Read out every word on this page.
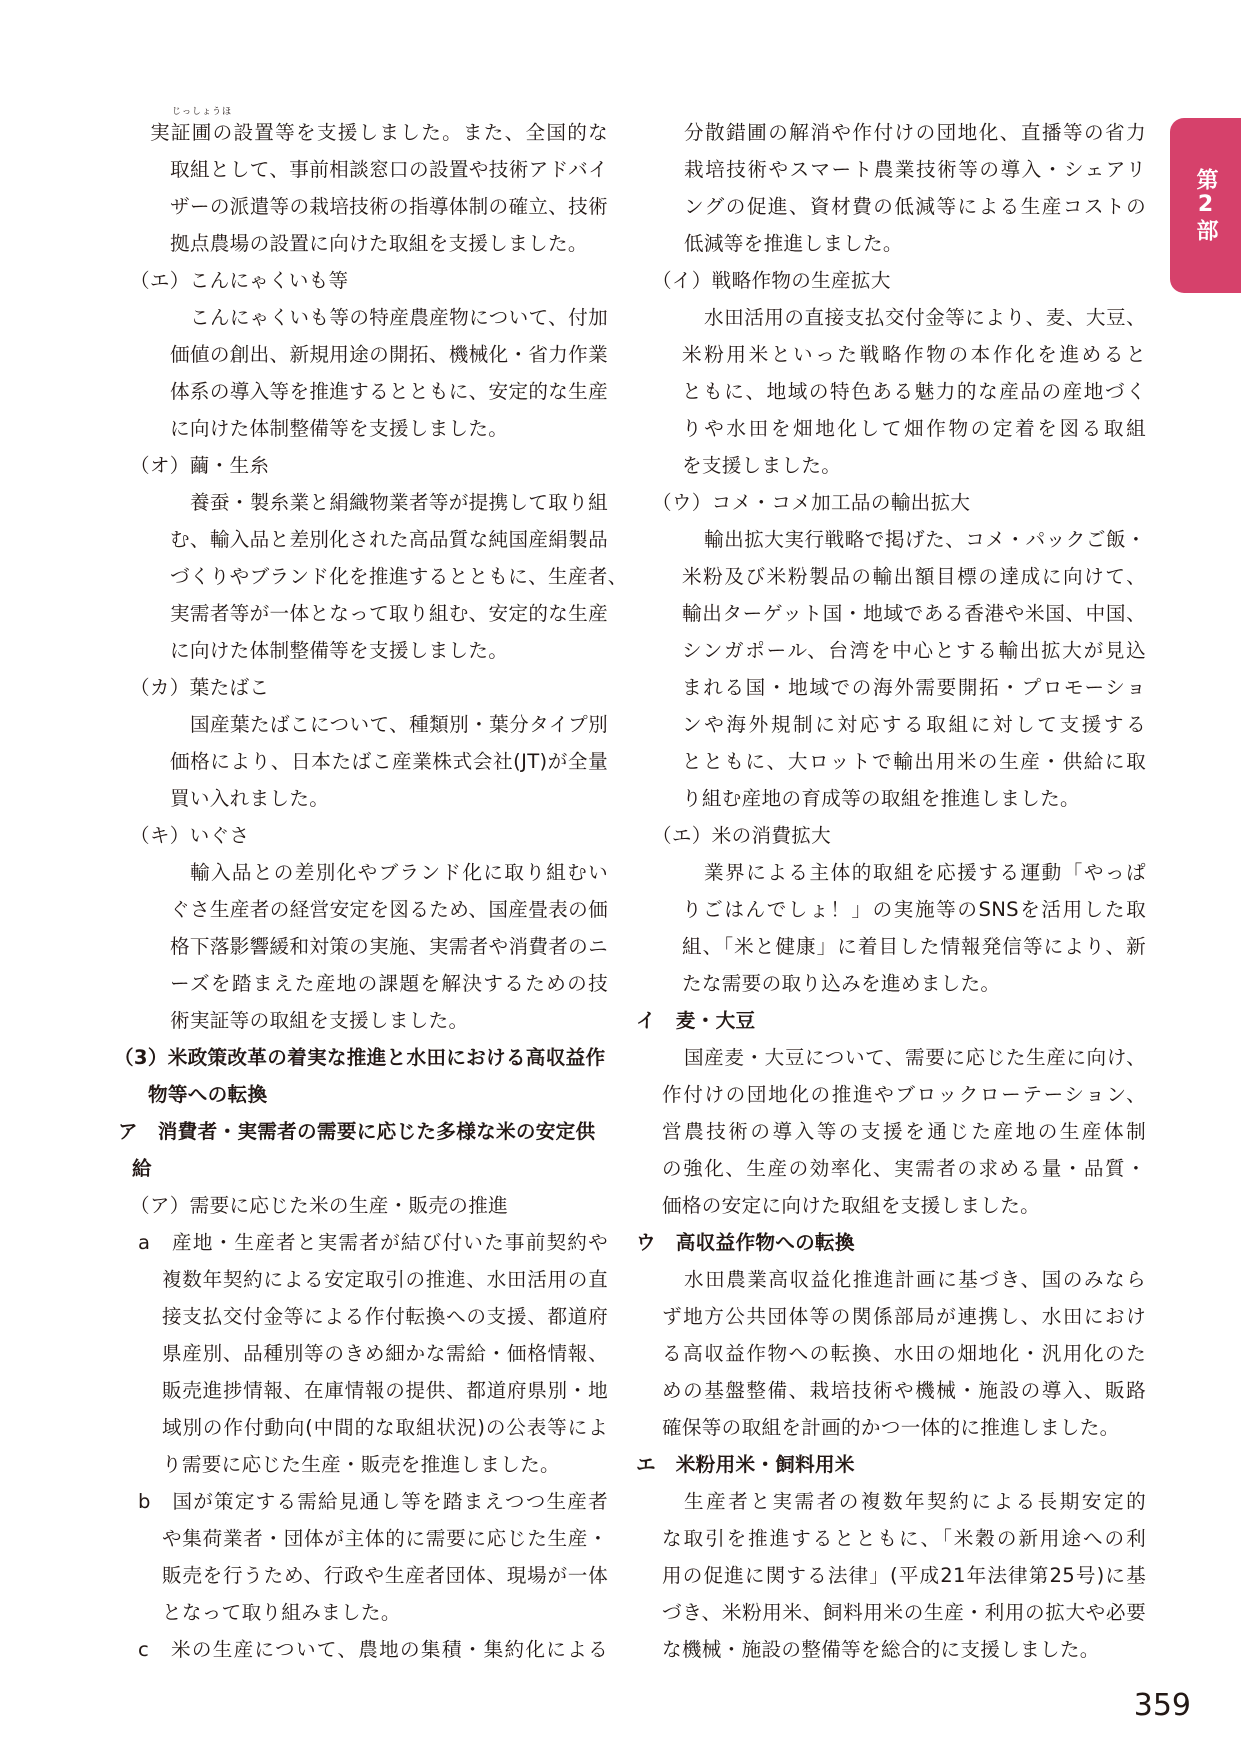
実証圃の設置等を支援しました。また、全国的な
取組として、事前相談窓口の設置や技術アドバイ
ザーの派遣等の栽培技術の指導体制の確立、技術
拠点農場の設置に向けた取組を支援しました。
（エ）こんにゃくいも等
こんにゃくいも等の特産農産物について、付加
価値の創出、新規用途の開拓、機械化・省力作業
体系の導入等を推進するとともに、安定的な生産
に向けた体制整備等を支援しました。
（オ）繭・生糸
養蚕・製糸業と絹織物業者等が提携して取り組
む、輸入品と差別化された高品質な純国産絹製品
づくりやブランド化を推進するとともに、生産者、
実需者等が一体となって取り組む、安定的な生産
に向けた体制整備等を支援しました。
（カ）葉たばこ
国産葉たばこについて、種類別・葉分タイプ別
価格により、日本たばこ産業株式会社(JT)が全量
買い入れました。
（キ）いぐさ
輸入品との差別化やブランド化に取り組むい
ぐさ生産者の経営安定を図るため、国産畳表の価
格下落影響緩和対策の実施、実需者や消費者のニ
ーズを踏まえた産地の課題を解決するための技
術実証等の取組を支援しました。
（3）米政策改革の着実な推進と水田における高収益作
物等への転換
ア　消費者・実需者の需要に応じた多様な米の安定供
給
（ア）需要に応じた米の生産・販売の推進
a　産地・生産者と実需者が結び付いた事前契約や
複数年契約による安定取引の推進、水田活用の直
接支払交付金等による作付転換への支援、都道府
県産別、品種別等のきめ細かな需給・価格情報、
販売進捗情報、在庫情報の提供、都道府県別・地
域別の作付動向(中間的な取組状況)の公表等によ
り需要に応じた生産・販売を推進しました。
b　国が策定する需給見通し等を踏まえつつ生産者
や集荷業者・団体が主体的に需要に応じた生産・
販売を行うため、行政や生産者団体、現場が一体
となって取り組みました。
c　米の生産について、農地の集積・集約化による
分散錯圃の解消や作付けの団地化、直播等の省力
栽培技術やスマート農業技術等の導入・シェアリ
ングの促進、資材費の低減等による生産コストの
低減等を推進しました。
（イ）戦略作物の生産拡大
水田活用の直接支払交付金等により、麦、大豆、
米粉用米といった戦略作物の本作化を進めると
ともに、地域の特色ある魅力的な産品の産地づく
りや水田を畑地化して畑作物の定着を図る取組
を支援しました。
（ウ）コメ・コメ加工品の輸出拡大
輸出拡大実行戦略で掲げた、コメ・パックご飯・
米粉及び米粉製品の輸出額目標の達成に向けて、
輸出ターゲット国・地域である香港や米国、中国、
シンガポール、台湾を中心とする輸出拡大が見込
まれる国・地域での海外需要開拓・プロモーショ
ンや海外規制に対応する取組に対して支援する
とともに、大ロットで輸出用米の生産・供給に取
り組む産地の育成等の取組を推進しました。
（エ）米の消費拡大
業界による主体的取組を応援する運動「やっぱ
りごはんでしょ！」の実施等のSNSを活用した取
組、「米と健康」に着目した情報発信等により、新
たな需要の取り込みを進めました。
イ　麦・大豆
国産麦・大豆について、需要に応じた生産に向け、
作付けの団地化の推進やブロックローテーション、
営農技術の導入等の支援を通じた産地の生産体制
の強化、生産の効率化、実需者の求める量・品質・
価格の安定に向けた取組を支援しました。
ウ　高収益作物への転換
水田農業高収益化推進計画に基づき、国のみなら
ず地方公共団体等の関係部局が連携し、水田におけ
る高収益作物への転換、水田の畑地化・汎用化のた
めの基盤整備、栽培技術や機械・施設の導入、販路
確保等の取組を計画的かつ一体的に推進しました。
エ　米粉用米・飼料用米
生産者と実需者の複数年契約による長期安定的
な取引を推進するとともに、「米穀の新用途への利
用の促進に関する法律」(平成21年法律第25号)に基
づき、米粉用米、飼料用米の生産・利用の拡大や必要
な機械・施設の整備等を総合的に支援しました。
じっしょうほ
第2部
359
